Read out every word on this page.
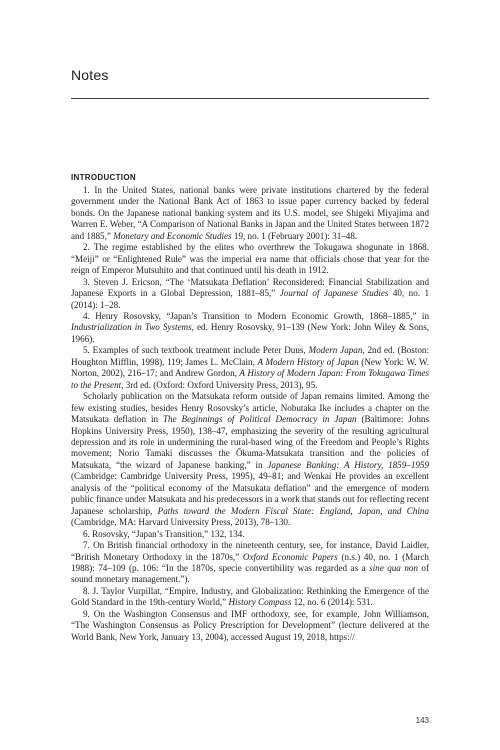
Notes
INTRODUCTION

1. In the United States, national banks were private institutions chartered by the federal government under the National Bank Act of 1863 to issue paper currency backed by federal bonds. On the Japanese national banking system and its U.S. model, see Shigeki Miyajima and Warren E. Weber, “A Comparison of National Banks in Japan and the United States between 1872 and 1885,” Monetary and Economic Studies 19, no. 1 (February 2001): 31–48.

2. The regime established by the elites who overthrew the Tokugawa shogunate in 1868. “Meiji” or “Enlightened Rule” was the imperial era name that officials chose that year for the reign of Emperor Mutsuhito and that continued until his death in 1912.

3. Steven J. Ericson, “The ‘Matsukata Deflation’ Reconsidered: Financial Stabilization and Japanese Exports in a Global Depression, 1881–85,” Journal of Japanese Studies 40, no. 1 (2014): 1–28.

4. Henry Rosovsky, “Japan’s Transition to Modern Economic Growth, 1868–1885,” in Industrialization in Two Systems, ed. Henry Rosovsky, 91–139 (New York: John Wiley & Sons, 1966).

5. Examples of such textbook treatment include Peter Duus, Modern Japan, 2nd ed. (Boston: Houghton Mifflin, 1998), 119; James L. McClain, A Modern History of Japan (New York: W. W. Norton, 2002), 216–17; and Andrew Gordon, A History of Modern Japan: From Tokugawa Times to the Present, 3rd ed. (Oxford: Oxford University Press, 2013), 95.

Scholarly publication on the Matsukata reform outside of Japan remains limited. Among the few existing studies, besides Henry Rosovsky’s article, Nobutaka Ike includes a chapter on the Matsukata deflation in The Beginnings of Political Democracy in Japan (Baltimore: Johns Hopkins University Press, 1950), 138–47, emphasizing the severity of the resulting agricultural depression and its role in undermining the rural-based wing of the Freedom and People’s Rights movement; Norio Tamaki discusses the Ōkuma-Matsukata transition and the policies of Matsukata, “the wizard of Japanese banking,” in Japanese Banking: A History, 1859–1959 (Cambridge: Cambridge University Press, 1995), 49–81; and Wenkai He provides an excellent analysis of the “political economy of the Matsukata deflation” and the emergence of modern public finance under Matsukata and his predecessors in a work that stands out for reflecting recent Japanese scholarship, Paths toward the Modern Fiscal State: England, Japan, and China (Cambridge, MA: Harvard University Press, 2013), 78–130.

6. Rosovsky, “Japan’s Transition,” 132, 134.

7. On British financial orthodoxy in the nineteenth century, see, for instance, David Laidler, “British Monetary Orthodoxy in the 1870s,” Oxford Economic Papers (n.s.) 40, no. 1 (March 1988): 74–109 (p. 106: “In the 1870s, specie convertibility was regarded as a sine qua non of sound monetary management.”).

8. J. Taylor Vurpillat, “Empire, Industry, and Globalization: Rethinking the Emergence of the Gold Standard in the 19th-century World,” History Compass 12, no. 6 (2014): 531.

9. On the Washington Consensus and IMF orthodoxy, see, for example, John Williamson, “The Washington Consensus as Policy Prescription for Development” (lecture delivered at the World Bank, New York, January 13, 2004), accessed August 19, 2018, https://

143
